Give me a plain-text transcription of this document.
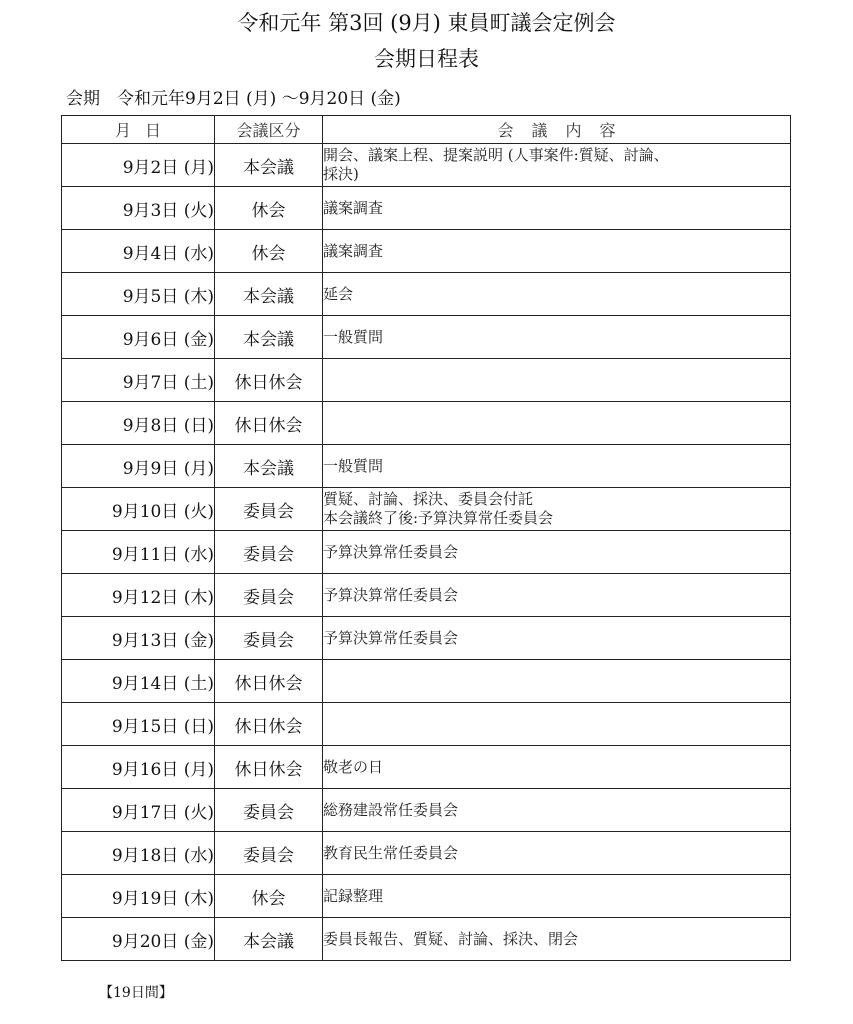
令和元年 第3回 (9月) 東員町議会定例会
会期日程表
会期　令和元年9月2日 (月) ～9月20日 (金)
月日	会議区分	会議内容
9月2日 (月)	本会議	開会、議案上程、提案説明 (人事案件:質疑、討論、
採決)

9月3日 (火)	休会	議案調査

9月4日 (水)	休会	議案調査

9月5日 (木)	本会議	延会

9月6日 (金)	本会議	一般質問

9月7日 (土)	休日休会	
9月8日 (日)	休日休会	
9月9日 (月)	本会議	一般質問

9月10日 (火)	委員会	質疑、討論、採決、委員会付託
本会議終了後:予算決算常任委員会

9月11日 (水)	委員会	予算決算常任委員会

9月12日 (木)	委員会	予算決算常任委員会

9月13日 (金)	委員会	予算決算常任委員会

9月14日 (土)	休日休会	
9月15日 (日)	休日休会	
9月16日 (月)	休日休会	敬老の日

9月17日 (火)	委員会	総務建設常任委員会

9月18日 (水)	委員会	教育民生常任委員会

9月19日 (木)	休会	記録整理

9月20日 (金)	本会議	委員長報告、質疑、討論、採決、閉会
【19日間】
